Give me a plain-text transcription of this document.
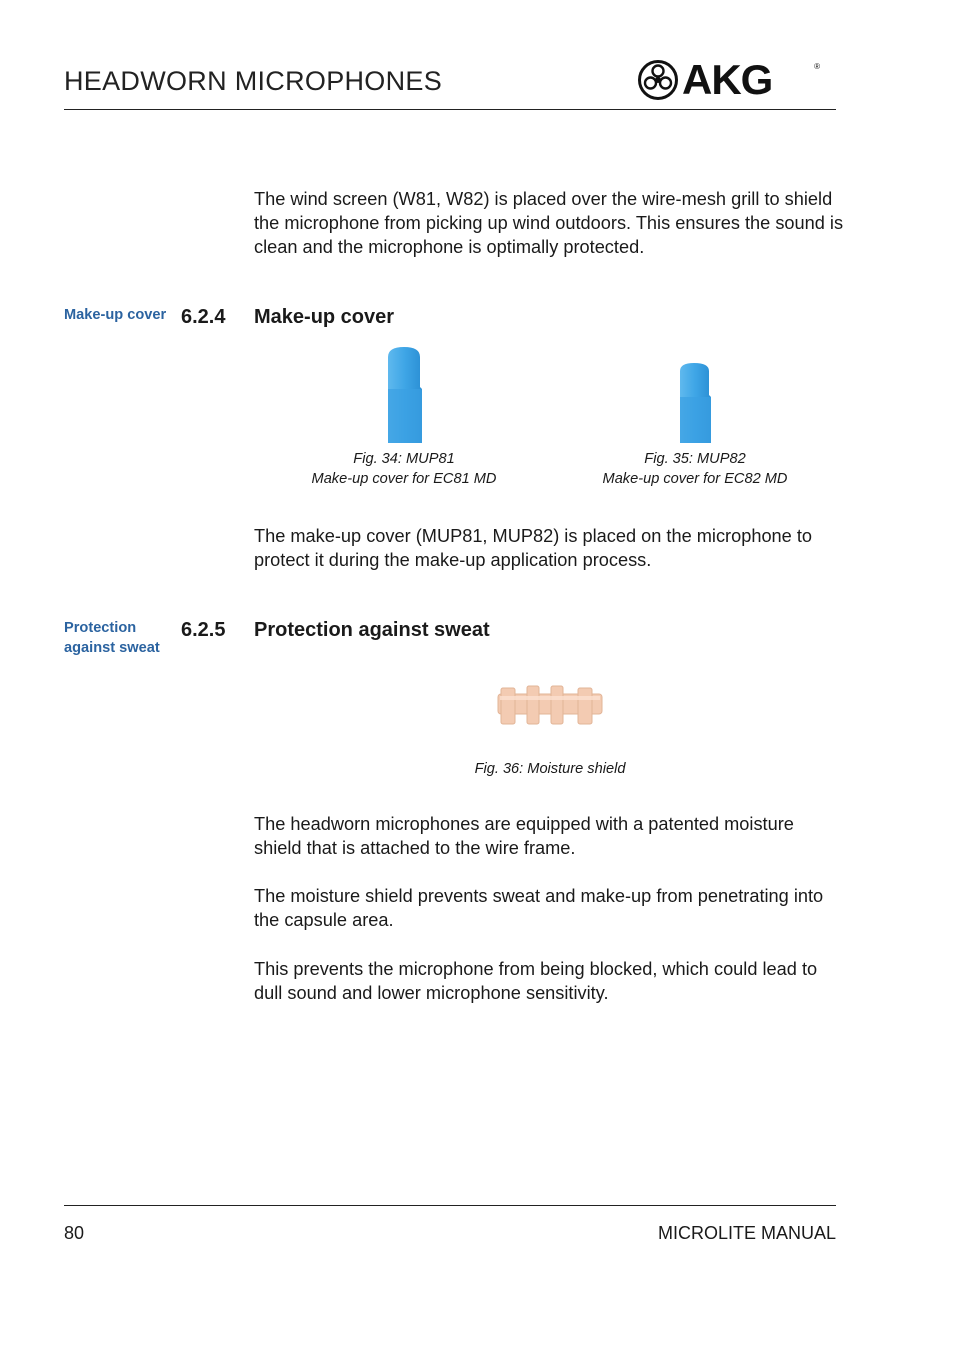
HEADWORN MICROPHONES	AKG	®
The wind screen (W81, W82) is placed over the wire-mesh grill to shield the microphone from picking up wind outdoors. This ensures the sound is clean and the microphone is optimally protected.
Make-up cover 6.2.4 Make-up cover
Fig. 34: MUP81
Make-up cover for EC81 MD
Fig. 35: MUP82
Make-up cover for EC82 MD
The make-up cover (MUP81, MUP82) is placed on the microphone to protect it during the make-up application process.
Protection
against sweat
6.2.5 Protection against sweat
Fig. 36: Moisture shield
The headworn microphones are equipped with a patented moisture shield that is attached to the wire frame.
The moisture shield prevents sweat and make-up from penetrating into the capsule area.
This prevents the microphone from being blocked, which could lead to dull sound and lower microphone sensitivity.
80	MICROLITE MANUAL
